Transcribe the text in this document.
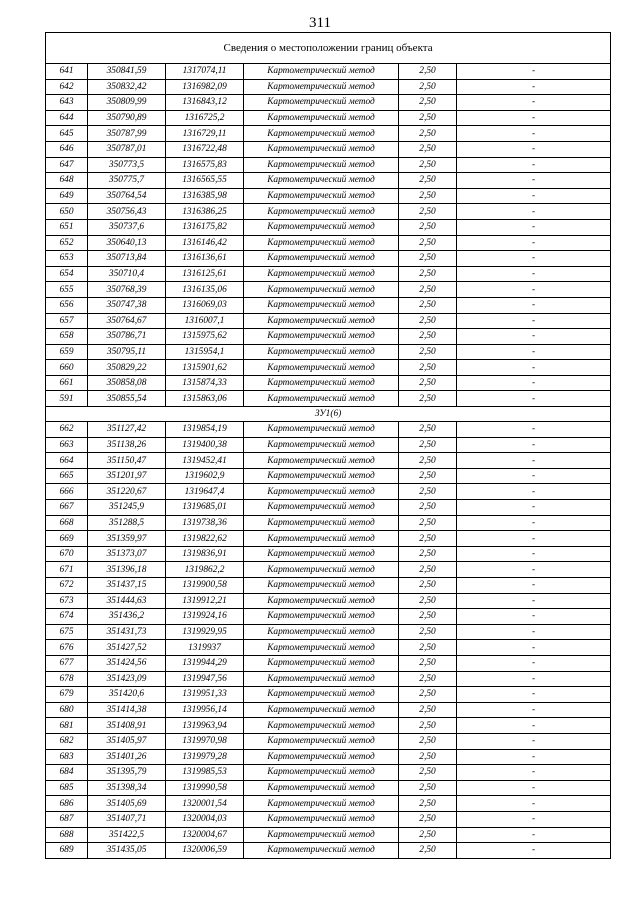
311
Сведения о местоположении границ объекта					
641	350841,59	1317074,11	Картометрический метод	2,50	-
642	350832,42	1316982,09	Картометрический метод	2,50	-
643	350809,99	1316843,12	Картометрический метод	2,50	-
644	350790,89	1316725,2	Картометрический метод	2,50	-
645	350787,99	1316729,11	Картометрический метод	2,50	-
646	350787,01	1316722,48	Картометрический метод	2,50	-
647	350773,5	1316575,83	Картометрический метод	2,50	-
648	350775,7	1316565,55	Картометрический метод	2,50	-
649	350764,54	1316385,98	Картометрический метод	2,50	-
650	350756,43	1316386,25	Картометрический метод	2,50	-
651	350737,6	1316175,82	Картометрический метод	2,50	-
652	350640,13	1316146,42	Картометрический метод	2,50	-
653	350713,84	1316136,61	Картометрический метод	2,50	-
654	350710,4	1316125,61	Картометрический метод	2,50	-
655	350768,39	1316135,06	Картометрический метод	2,50	-
656	350747,38	1316069,03	Картометрический метод	2,50	-
657	350764,67	1316007,1	Картометрический метод	2,50	-
658	350786,71	1315975,62	Картометрический метод	2,50	-
659	350795,11	1315954,1	Картометрический метод	2,50	-
660	350829,22	1315901,62	Картометрический метод	2,50	-
661	350858,08	1315874,33	Картометрический метод	2,50	-
591	350855,54	1315863,06	Картометрический метод	2,50	-
ЗУ1(6)					
662	351127,42	1319854,19	Картометрический метод	2,50	-
663	351138,26	1319400,38	Картометрический метод	2,50	-
664	351150,47	1319452,41	Картометрический метод	2,50	-
665	351201,97	1319602,9	Картометрический метод	2,50	-
666	351220,67	1319647,4	Картометрический метод	2,50	-
667	351245,9	1319685,01	Картометрический метод	2,50	-
668	351288,5	1319738,36	Картометрический метод	2,50	-
669	351359,97	1319822,62	Картометрический метод	2,50	-
670	351373,07	1319836,91	Картометрический метод	2,50	-
671	351396,18	1319862,2	Картометрический метод	2,50	-
672	351437,15	1319900,58	Картометрический метод	2,50	-
673	351444,63	1319912,21	Картометрический метод	2,50	-
674	351436,2	1319924,16	Картометрический метод	2,50	-
675	351431,73	1319929,95	Картометрический метод	2,50	-
676	351427,52	1319937	Картометрический метод	2,50	-
677	351424,56	1319944,29	Картометрический метод	2,50	-
678	351423,09	1319947,56	Картометрический метод	2,50	-
679	351420,6	1319951,33	Картометрический метод	2,50	-
680	351414,38	1319956,14	Картометрический метод	2,50	-
681	351408,91	1319963,94	Картометрический метод	2,50	-
682	351405,97	1319970,98	Картометрический метод	2,50	-
683	351401,26	1319979,28	Картометрический метод	2,50	-
684	351395,79	1319985,53	Картометрический метод	2,50	-
685	351398,34	1319990,58	Картометрический метод	2,50	-
686	351405,69	1320001,54	Картометрический метод	2,50	-
687	351407,71	1320004,03	Картометрический метод	2,50	-
688	351422,5	1320004,67	Картометрический метод	2,50	-
689	351435,05	1320006,59	Картометрический метод	2,50	-
